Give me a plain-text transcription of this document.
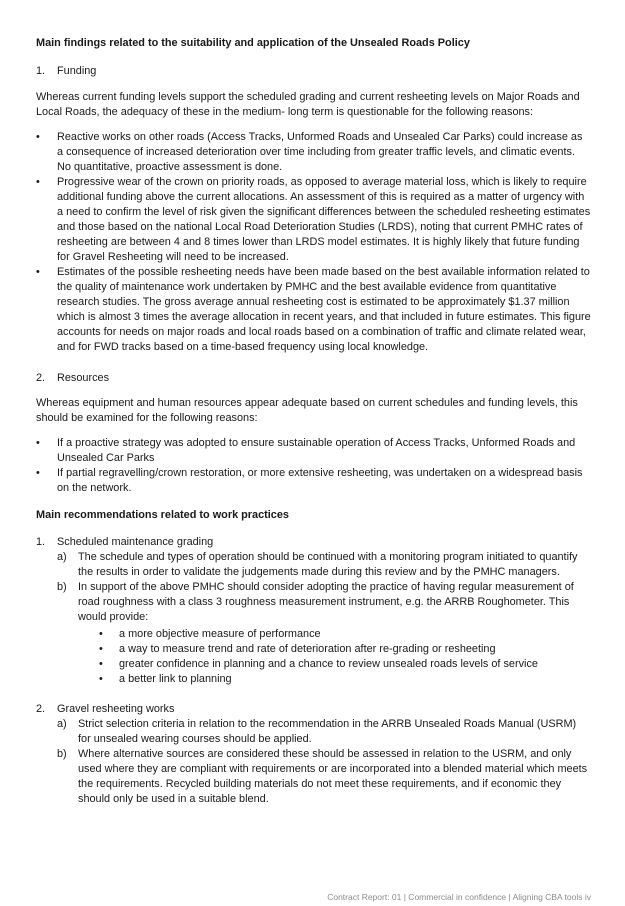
Main findings related to the suitability and application of the Unsealed Roads Policy
1.	Funding

Whereas current funding levels support the scheduled grading and current resheeting levels on Major Roads and Local Roads, the adequacy of these in the medium- long term is questionable for the following reasons:

•	Reactive works on other roads (Access Tracks, Unformed Roads and Unsealed Car Parks) could increase as a consequence of increased deterioration over time including from greater traffic levels, and climatic events. No quantitative, proactive assessment is done.
•	Progressive wear of the crown on priority roads, as opposed to average material loss, which is likely to require additional funding above the current allocations. An assessment of this is required as a matter of urgency with a need to confirm the level of risk given the significant differences between the scheduled resheeting estimates and those based on the national Local Road Deterioration Studies (LRDS), noting that current PMHC rates of resheeting are between 4 and 8 times lower than LRDS model estimates. It is highly likely that future funding for Gravel Resheeting will need to be increased.
•	Estimates of the possible resheeting needs have been made based on the best available information related to the quality of maintenance work undertaken by PMHC and the best available evidence from quantitative research studies. The gross average annual resheeting cost is estimated to be approximately $1.37 million which is almost 3 times the average allocation in recent years, and that included in future estimates. This figure accounts for needs on major roads and local roads based on a combination of traffic and climate related wear, and for FWD tracks based on a time-based frequency using local knowledge.
2.	Resources

Whereas equipment and human resources appear adequate based on current schedules and funding levels, this should be examined for the following reasons:

•	If a proactive strategy was adopted to ensure sustainable operation of Access Tracks, Unformed Roads and Unsealed Car Parks
•	If partial regravelling/crown restoration, or more extensive resheeting, was undertaken on a widespread basis on the network.
Main recommendations related to work practices
1.	Scheduled maintenance grading
a)	The schedule and types of operation should be continued with a monitoring program initiated to quantify the results in order to validate the judgements made during this review and by the PMHC managers.
b)	In support of the above PMHC should consider adopting the practice of having regular measurement of road roughness with a class 3 roughness measurement instrument, e.g. the ARRB Roughometer. This would provide:
•	a more objective measure of performance
•	a way to measure trend and rate of deterioration after re-grading or resheeting
•	greater confidence in planning and a chance to review unsealed roads levels of service
•	a better link to planning
2.	Gravel resheeting works
a)	Strict selection criteria in relation to the recommendation in the ARRB Unsealed Roads Manual (USRM) for unsealed wearing courses should be applied.
b)	Where alternative sources are considered these should be assessed in relation to the USRM, and only used where they are compliant with requirements or are incorporated into a blended material which meets the requirements. Recycled building materials do not meet these requirements, and if economic they should only be used in a suitable blend.
Contract Report: 01 | Commercial in confidence | Aligning CBA tools iv
